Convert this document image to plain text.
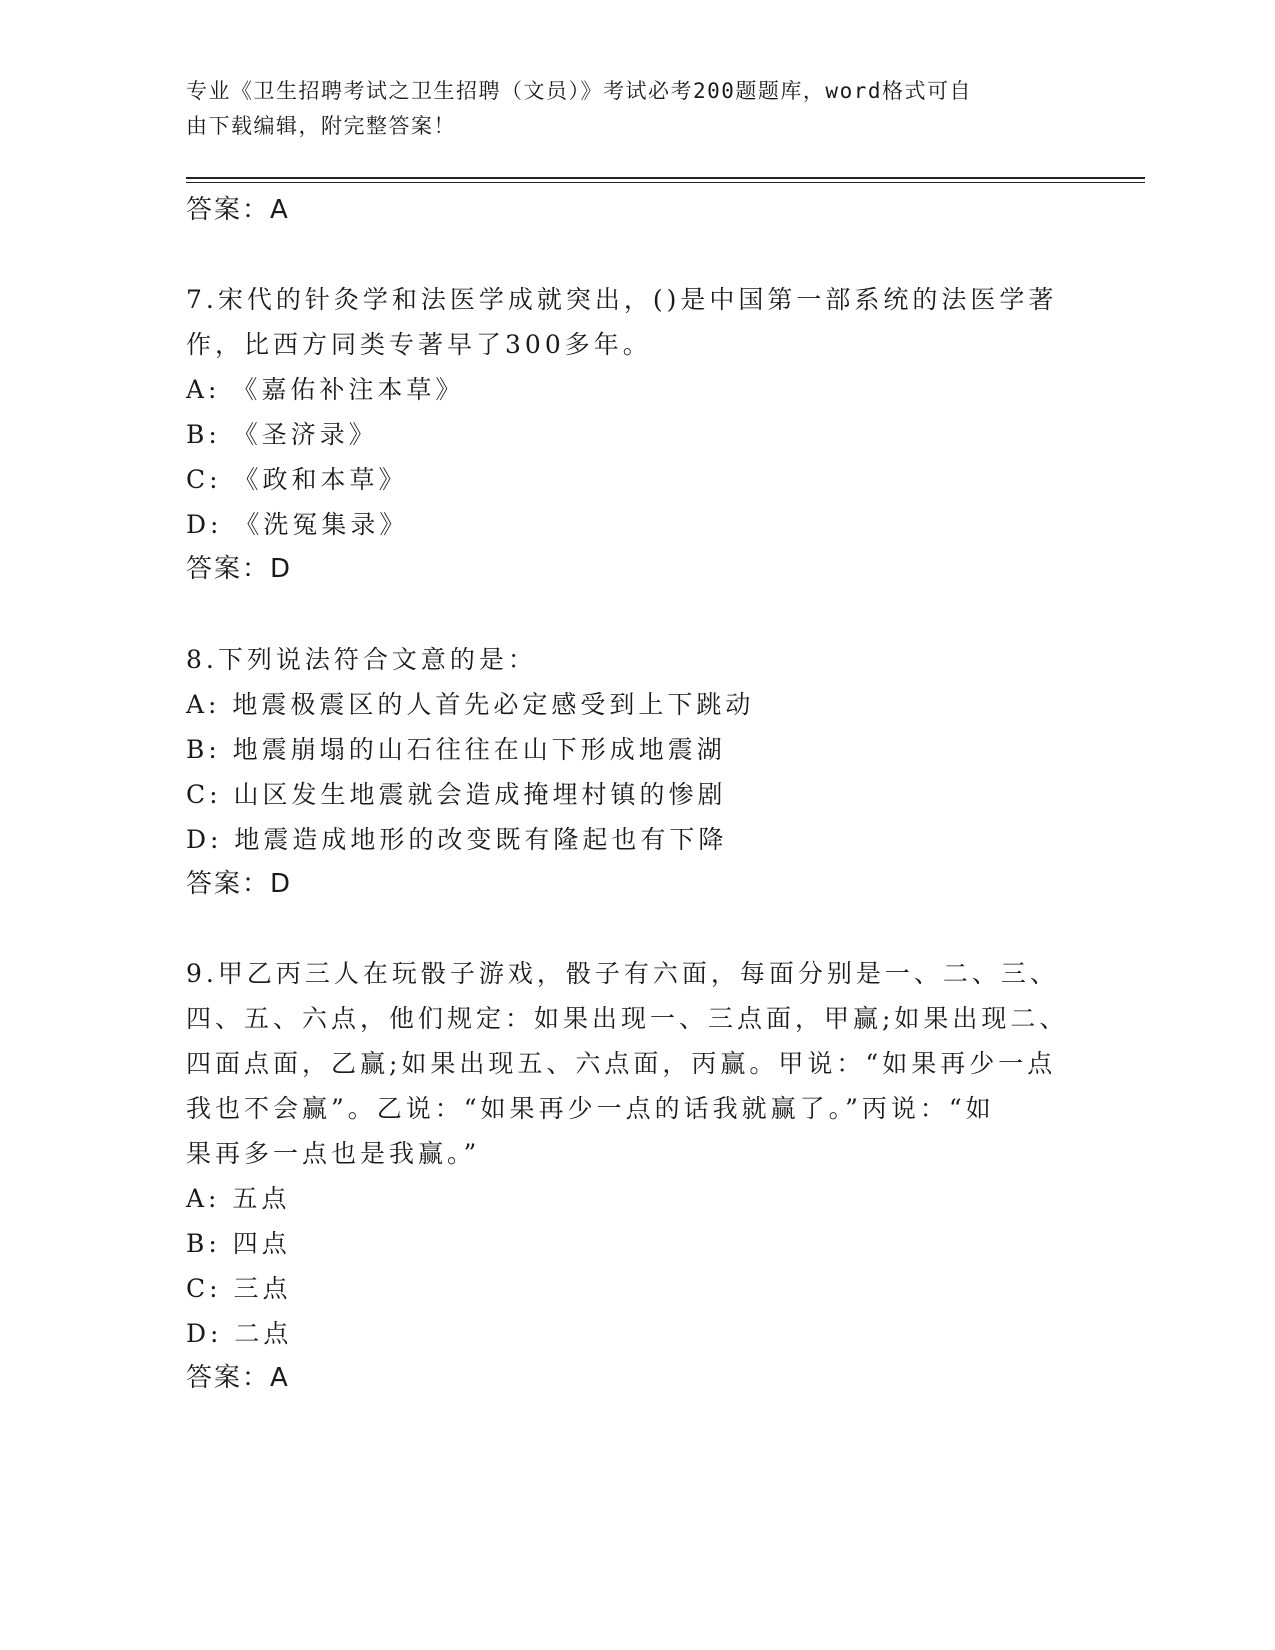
专业《卫生招聘考试之卫生招聘（文员）》考试必考200题题库，word格式可自
由下载编辑，附完整答案！
答案：A
7.宋代的针灸学和法医学成就突出，()是中国第一部系统的法医学著
作，比西方同类专著早了300多年。
A: 《嘉佑补注本草》
B: 《圣济录》
C: 《政和本草》
D: 《洗冤集录》
答案：D
8.下列说法符合文意的是：
A: 地震极震区的人首先必定感受到上下跳动
B: 地震崩塌的山石往往在山下形成地震湖
C: 山区发生地震就会造成掩埋村镇的惨剧
D: 地震造成地形的改变既有隆起也有下降
答案：D
9.甲乙丙三人在玩骰子游戏，骰子有六面，每面分别是一、二、三、
四、五、六点，他们规定：如果出现一、三点面，甲赢;如果出现二、
四面点面，乙赢;如果出现五、六点面，丙赢。甲说：“如果再少一点
我也不会赢”。乙说：“如果再少一点的话我就赢了。”丙说：“如
果再多一点也是我赢。”
A: 五点
B: 四点
C: 三点
D: 二点
答案：A
